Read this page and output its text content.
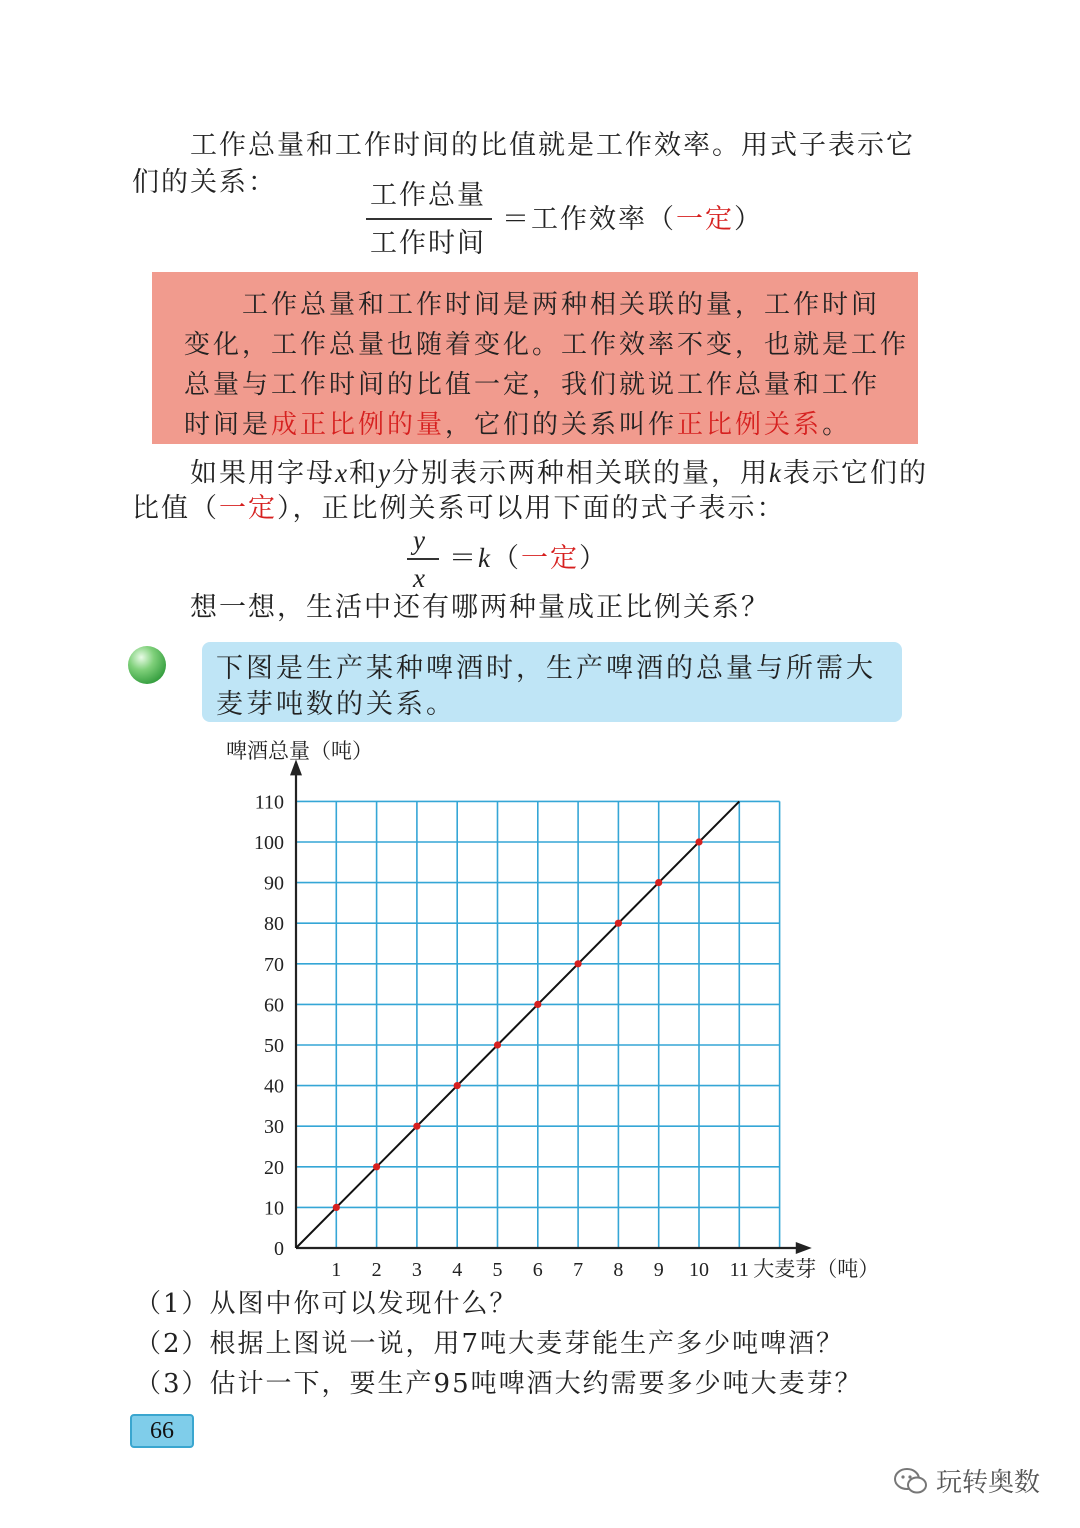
工作总量和工作时间的比值就是工作效率。用式子表示它
们的关系：	工作总量
工作时间
＝工作效率（一定）
工作总量和工作时间是两种相关联的量，工作时间
变化，工作总量也随着变化。工作效率不变，也就是工作
总量与工作时间的比值一定，我们就说工作总量和工作
时间是成正比例的量，它们的关系叫作正比例关系。
如果用字母x和y分别表示两种相关联的量，用k表示它们的
比值（一定），正比例关系可以用下面的式子表示：
y
x
＝k（一定）
想一想，生活中还有哪两种量成正比例关系？
下图是生产某种啤酒时，生产啤酒的总量与所需大
麦芽吨数的关系。
0
10
20
30
40
50
60
70
80
90
100
110
1 2 3 4 5 6 7 8 9 10 11
啤酒总量（吨）
大麦芽（吨）
（1）从图中你可以发现什么？
（2）根据上图说一说，用7吨大麦芽能生产多少吨啤酒？
（3）估计一下，要生产95吨啤酒大约需要多少吨大麦芽？
66
玩转奥数
